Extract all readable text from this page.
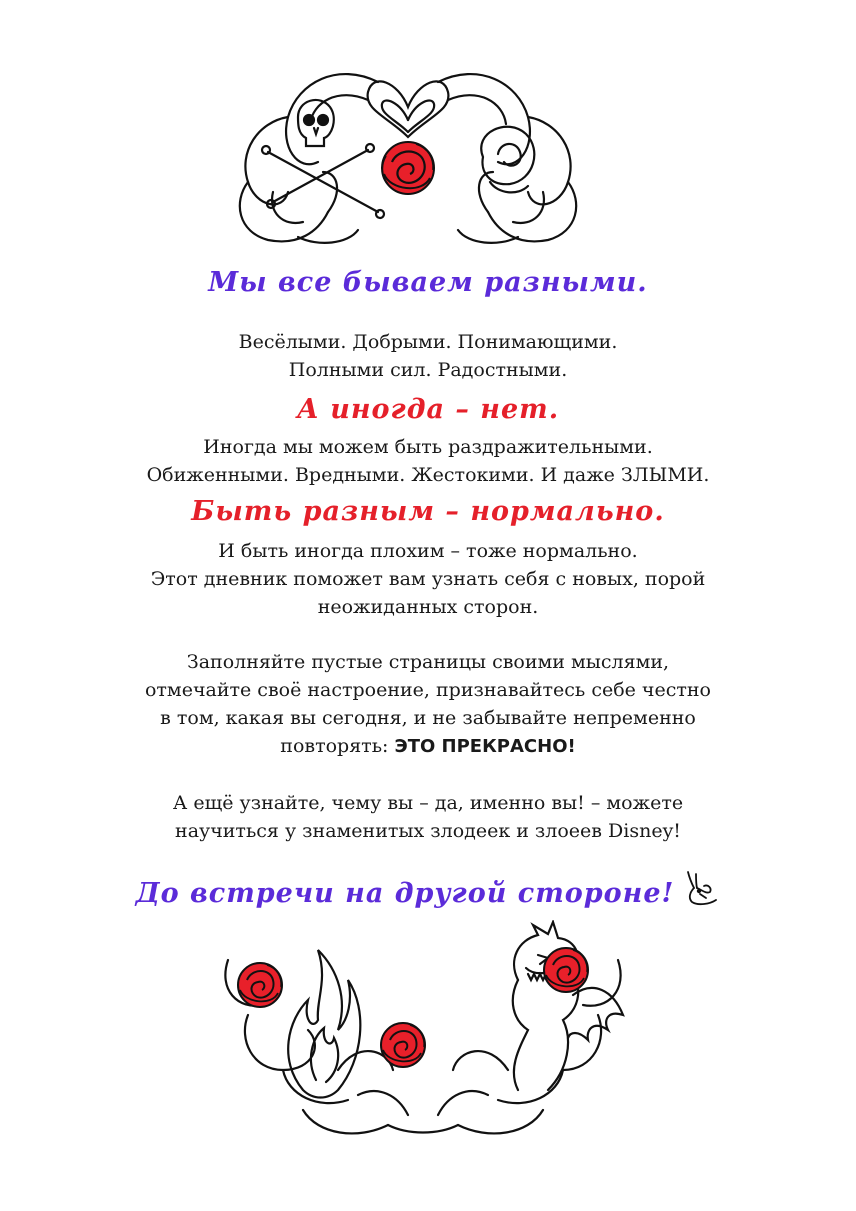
Мы все бываем разными.
Весёлыми. Добрыми. Понимающими.
Полными сил. Радостными.
А иногда – нет.
Иногда мы можем быть раздражительными.
Обиженными. Вредными. Жестокими. И даже ЗЛЫМИ.
Быть разным – нормально.
И быть иногда плохим – тоже нормально.
Этот дневник поможет вам узнать себя с новых, порой
неожиданных сторон.
Заполняйте пустые страницы своими мыслями,
отмечайте своё настроение, признавайтесь себе честно
в том, какая вы сегодня, и не забывайте непременно
повторять: ЭТО ПРЕКРАСНО!
А ещё узнайте, чему вы – да, именно вы! – можете
научиться у знаменитых злодеек и злоеев Disney!
До встречи на другой стороне!
